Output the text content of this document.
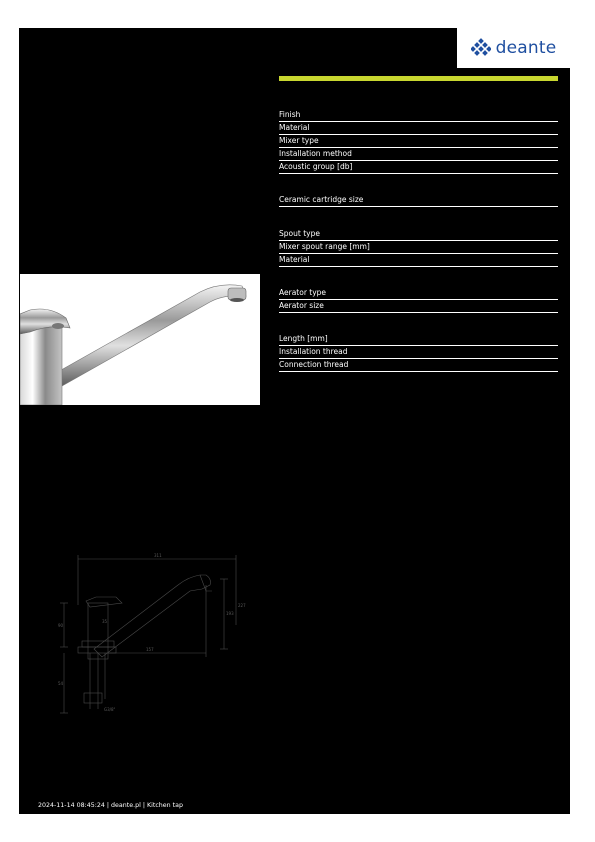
deante
Finish
Material
Mixer type
Installation method
Acoustic group [db]
Ceramic cartridge size
Spout type
Mixer spout range [mm]
Material
Aerator type
Aerator size
Length [mm]
Installation thread
Connection thread
311
90
193
227
35
54
157
G3/8"
2024-11-14 08:45:24 | deante.pl | Kitchen tap
